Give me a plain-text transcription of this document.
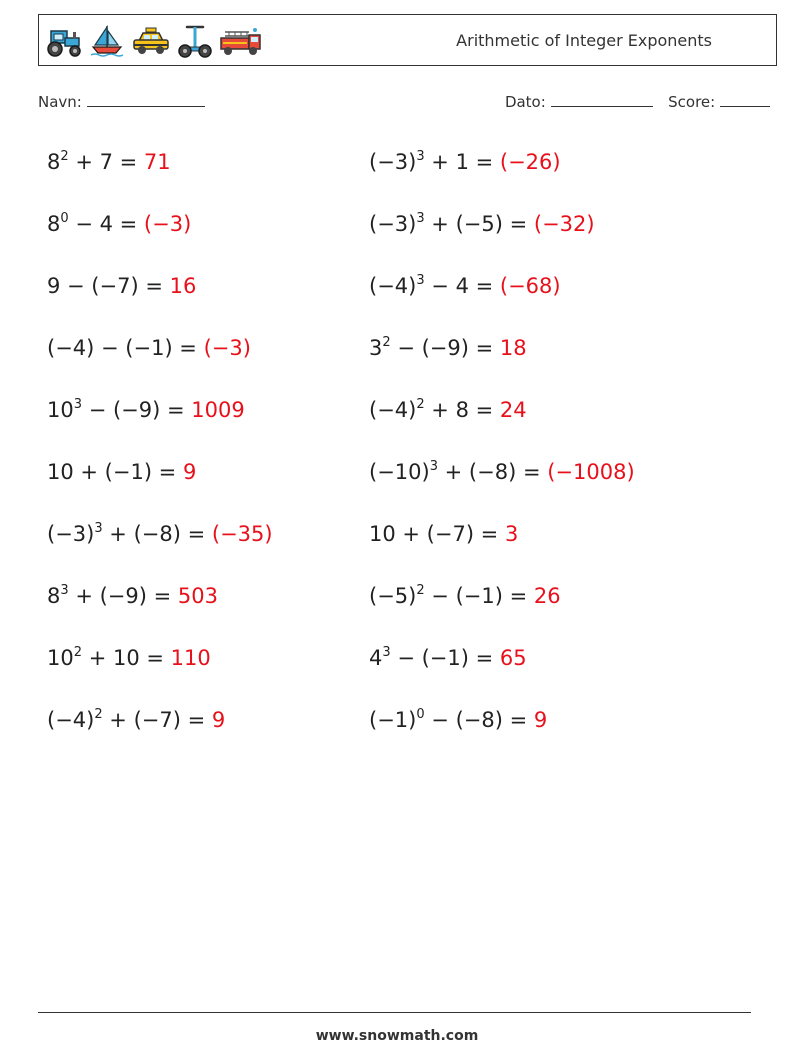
Arithmetic of Integer Exponents
Navn:	Dato:	Score:
$8^2 + 7 = 71$
$8^0 - 4 = (-3)$
9 − (−7) = 16
(−4) − (−1) = (−3)
$10^3 - (-9) = 1009$
10 + (−1) = 9
$(-3)^3 + (-8) = (-35)$
$8^3 + (-9) = 503$
$10^2 + 10 = 110$
$(-4)^2 + (-7) = 9$
$(-3)^3 + 1 = (-26)$
$(-3)^3 + (-5) = (-32)$
$(-4)^3 - 4 = (-68)$
$3^2 - (-9) = 18$
$(-4)^2 + 8 = 24$
$(-10)^3 + (-8) = (-1008)$
10 + (−7) = 3
$(-5)^2 - (-1) = 26$
$4^3 - (-1) = 65$
$(-1)^0 - (-8) = 9$
www.snowmath.com
